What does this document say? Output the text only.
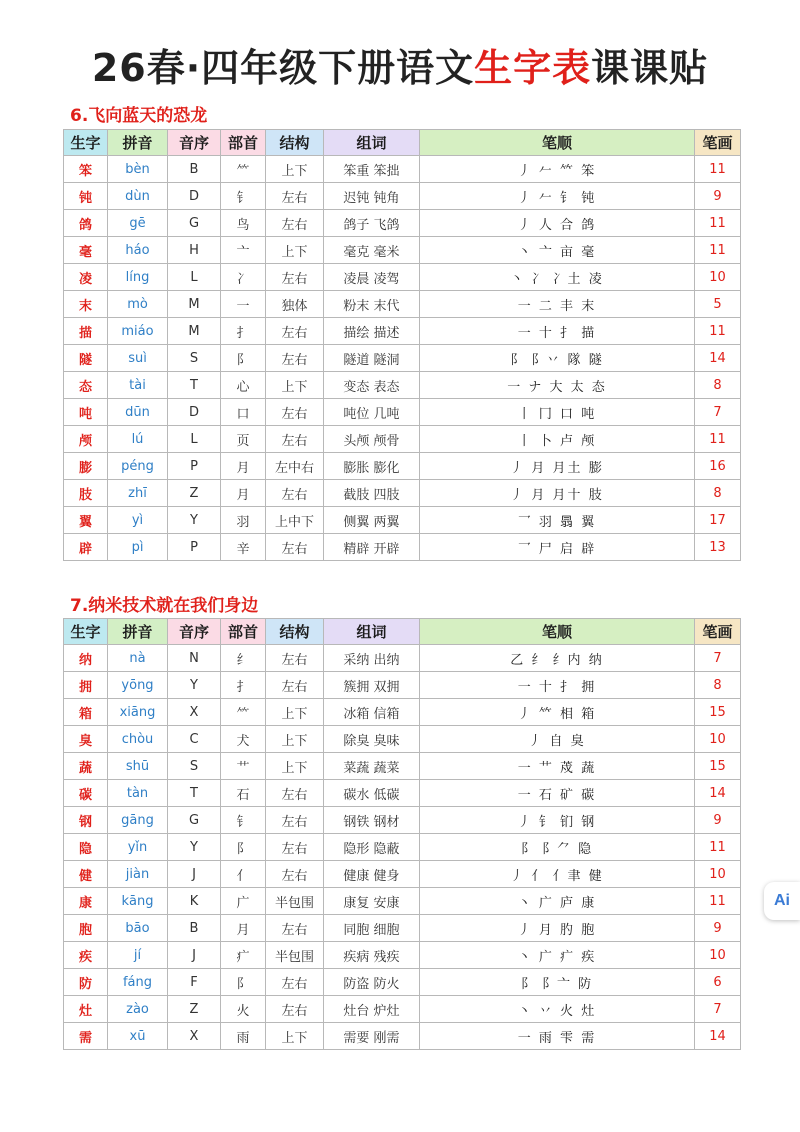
26春·四年级下册语文生字表课课贴
6.飞向蓝天的恐龙
生字	拼音	音序	部首	结构	组词	笔顺	笔画
笨	bèn	B	⺮	上下	笨重 笨拙	丿 𠂉 𥫗 笨	11
钝	dùn	D	钅	左右	迟钝 钝角	丿 𠂉 钅 钝	9
鸽	gē	G	鸟	左右	鸽子 飞鸽	丿 人 合 鸽	11
毫	háo	H	亠	上下	毫克 毫米	丶 亠 亩 毫	11
凌	líng	L	冫	左右	凌晨 凌驾	丶 冫 冫土 凌	10
末	mò	M	一	独体	粉末 末代	一 二 丰 末	5
描	miáo	M	扌	左右	描绘 描述	一 十 扌 描	11
隧	suì	S	阝	左右	隧道 隧洞	阝 阝丷 隊 隧	14
态	tài	T	心	上下	变态 表态	一 ナ 大 太 态	8
吨	dūn	D	口	左右	吨位 几吨	丨 冂 口 吨	7
颅	lú	L	页	左右	头颅 颅骨	丨 卜 卢 颅	11
膨	péng	P	月	左中右	膨胀 膨化	丿 月 月土 膨	16
肢	zhī	Z	月	左右	截肢 四肢	丿 月 月十 肢	8
翼	yì	Y	羽	上中下	侧翼 两翼	乛 羽 𦐇 翼	17
辟	pì	P	辛	左右	精辟 开辟	乛 尸 启 辟	13
7.纳米技术就在我们身边
生字	拼音	音序	部首	结构	组词	笔顺	笔画
纳	nà	N	纟	左右	采纳 出纳	乙 纟 纟内 纳	7
拥	yōng	Y	扌	左右	簇拥 双拥	一 十 扌 拥	8
箱	xiāng	X	⺮	上下	冰箱 信箱	丿 𥫗 相 箱	15
臭	chòu	C	犬	上下	除臭 臭味	丿 自 臭	10
蔬	shū	S	艹	上下	菜蔬 蔬菜	一 艹 荗 蔬	15
碳	tàn	T	石	左右	碳水 低碳	一 石 矿 碳	14
钢	gāng	G	钅	左右	钢铁 钢材	丿 钅 钔 钢	9
隐	yǐn	Y	阝	左右	隐形 隐蔽	阝 阝⺈ 隐	11
健	jiàn	J	亻	左右	健康 健身	丿 亻 亻聿 健	10
康	kāng	K	广	半包围	康复 安康	丶 广 庐 康	11
胞	bāo	B	月	左右	同胞 细胞	丿 月 肑 胞	9
疾	jí	J	疒	半包围	疾病 残疾	丶 广 疒 疾	10
防	fáng	F	阝	左右	防盗 防火	阝 阝亠 防	6
灶	zào	Z	火	左右	灶台 炉灶	丶 丷 火 灶	7
需	xū	X	雨	上下	需要 刚需	一 雨 雫 需	14
Ai
